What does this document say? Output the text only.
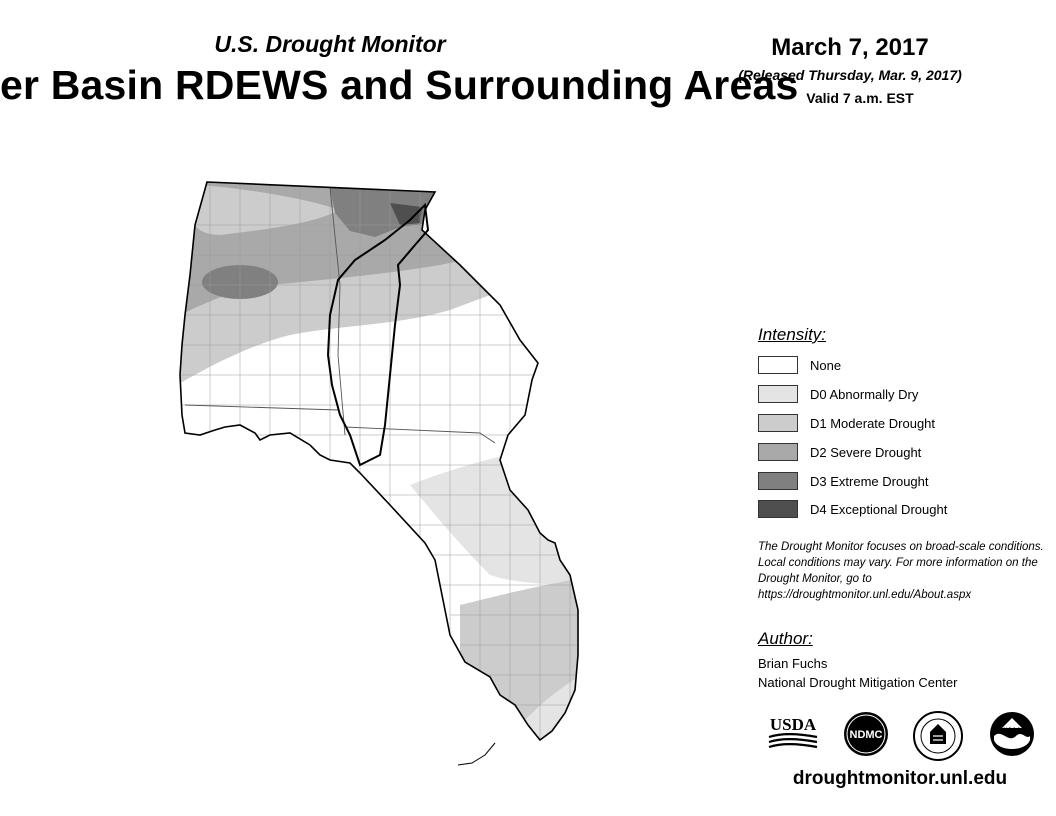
U.S. Drought Monitor
er Basin RDEWS and Surrounding Areas
March 7, 2017
(Released Thursday, Mar. 9, 2017)
Valid 7 a.m. EST
Intensity:
None
D0 Abnormally Dry
D1 Moderate Drought
D2 Severe Drought
D3 Extreme Drought
D4 Exceptional Drought
The Drought Monitor focuses on broad-scale conditions. Local conditions may vary. For more information on the Drought Monitor, go to https://droughtmonitor.unl.edu/About.aspx
Author:
Brian Fuchs
National Drought Mitigation Center
USDA
NDMC	NOAA
droughtmonitor.unl.edu
